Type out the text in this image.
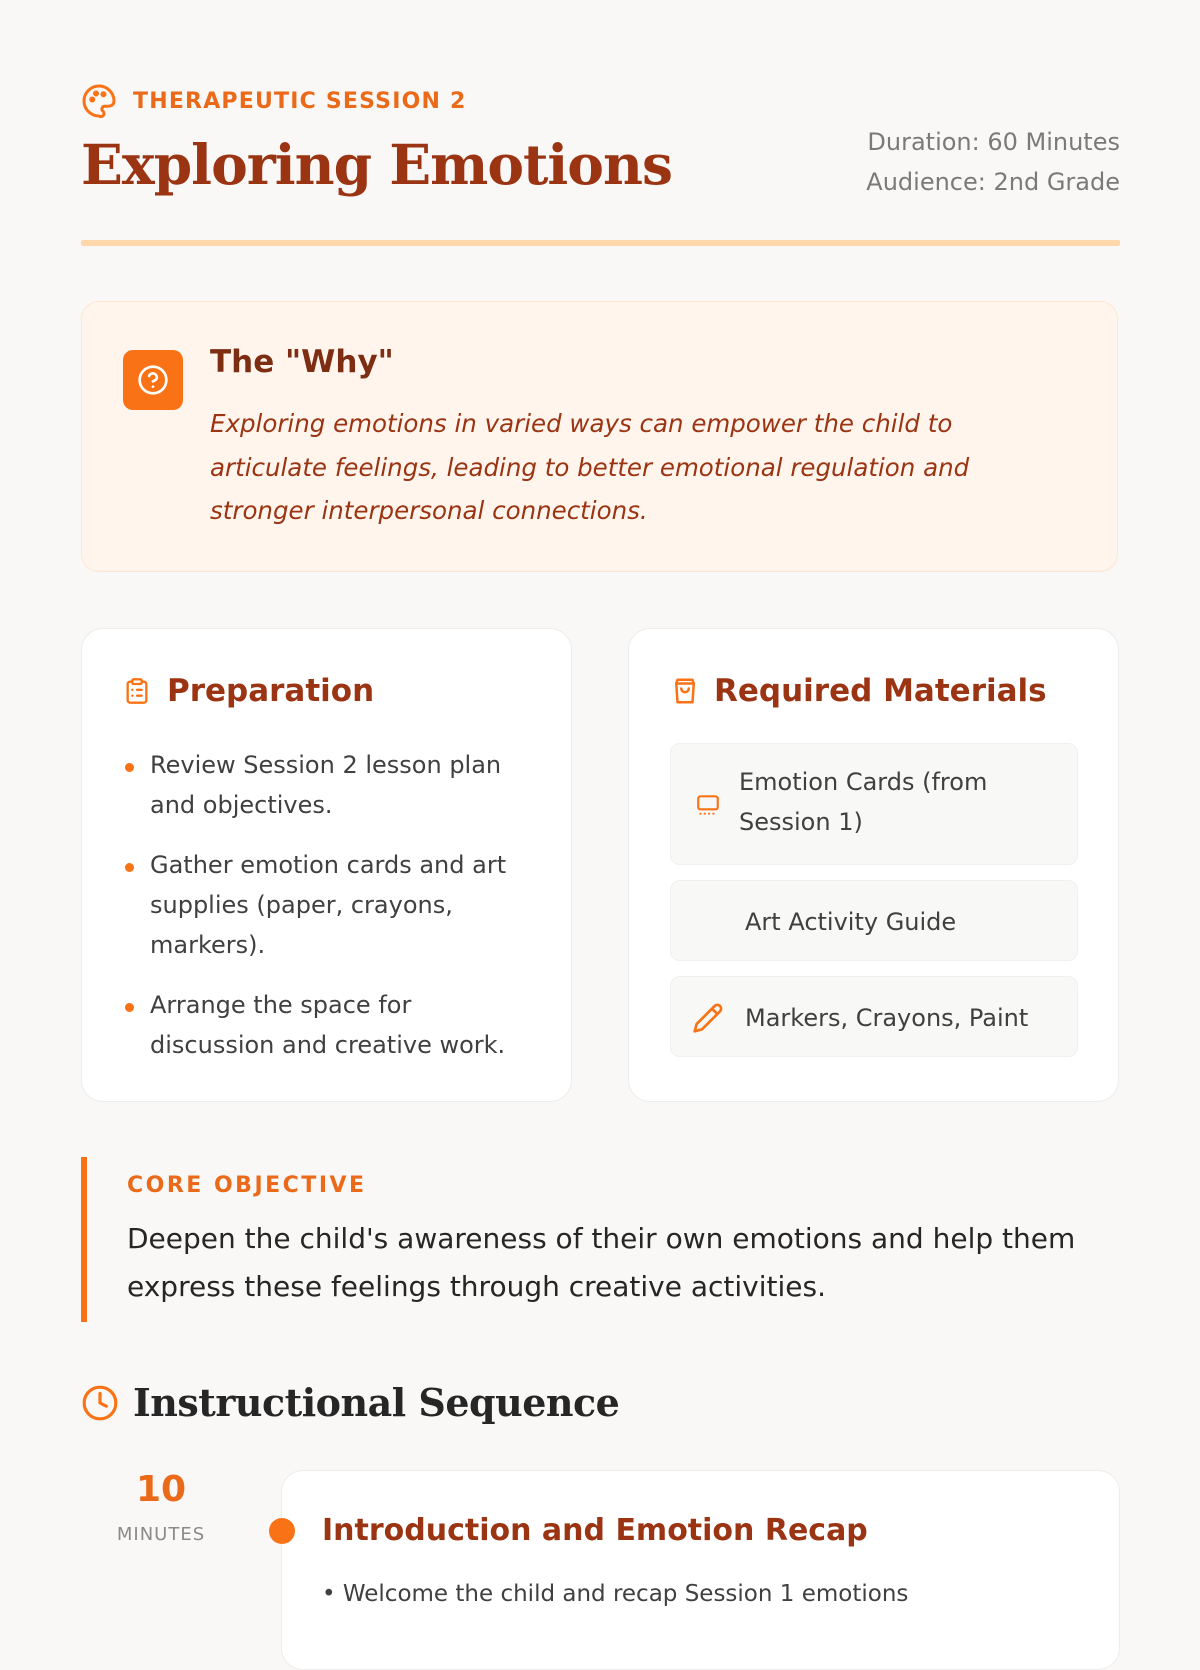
THERAPEUTIC SESSION 2
Exploring Emotions	Duration: 60 Minutes
Audience: 2nd Grade
The "Why"
Exploring emotions in varied ways can empower the child to articulate feelings, leading to better emotional regulation and stronger interpersonal connections.
Preparation
Review Session 2 lesson plan and objectives.
Gather emotion cards and art supplies (paper, crayons, markers).
Arrange the space for discussion and creative work.
Required Materials
Emotion Cards (from Session 1)
Art Activity Guide
Markers, Crayons, Paint
CORE OBJECTIVE
Deepen the child's awareness of their own emotions and help them express these feelings through creative activities.
Instructional Sequence
10
MINUTES	Introduction and Emotion Recap
• Welcome the child and recap Session 1 emotions
